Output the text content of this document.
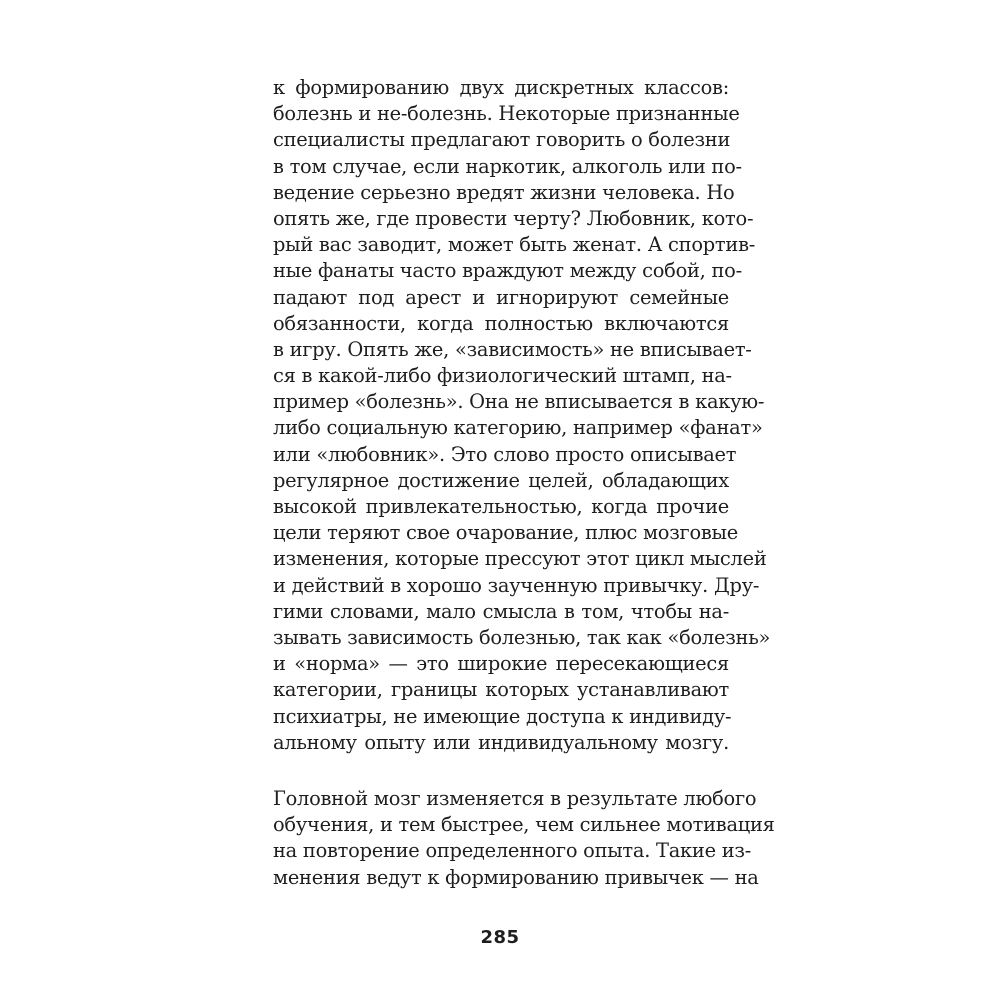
к формированию двух дискретных классов:
болезнь и не-болезнь. Некоторые признанные
специалисты предлагают говорить о болезни
в том случае, если наркотик, алкоголь или по-
ведение серьезно вредят жизни человека. Но
опять же, где провести черту? Любовник, кото-
рый вас заводит, может быть женат. А спортив-
ные фанаты часто враждуют между собой, по-
падают под арест и игнорируют семейные
обязанности, когда полностью включаются
в игру. Опять же, «зависимость» не вписывает-
ся в какой-либо физиологический штамп, на-
пример «болезнь». Она не вписывается в какую-
либо социальную категорию, например «фанат»
или «любовник». Это слово просто описывает
регулярное достижение целей, обладающих
высокой привлекательностью, когда прочие
цели теряют свое очарование, плюс мозговые
изменения, которые прессуют этот цикл мыслей
и действий в хорошо заученную привычку. Дру-
гими словами, мало смысла в том, чтобы на-
зывать зависимость болезнью, так как «болезнь»
и «норма» — это широкие пересекающиеся
категории, границы которых устанавливают
психиатры, не имеющие доступа к индивиду-
альному опыту или индивидуальному мозгу.
Головной мозг изменяется в результате любого
обучения, и тем быстрее, чем сильнее мотивация
на повторение определенного опыта. Такие из-
менения ведут к формированию привычек — на
285
